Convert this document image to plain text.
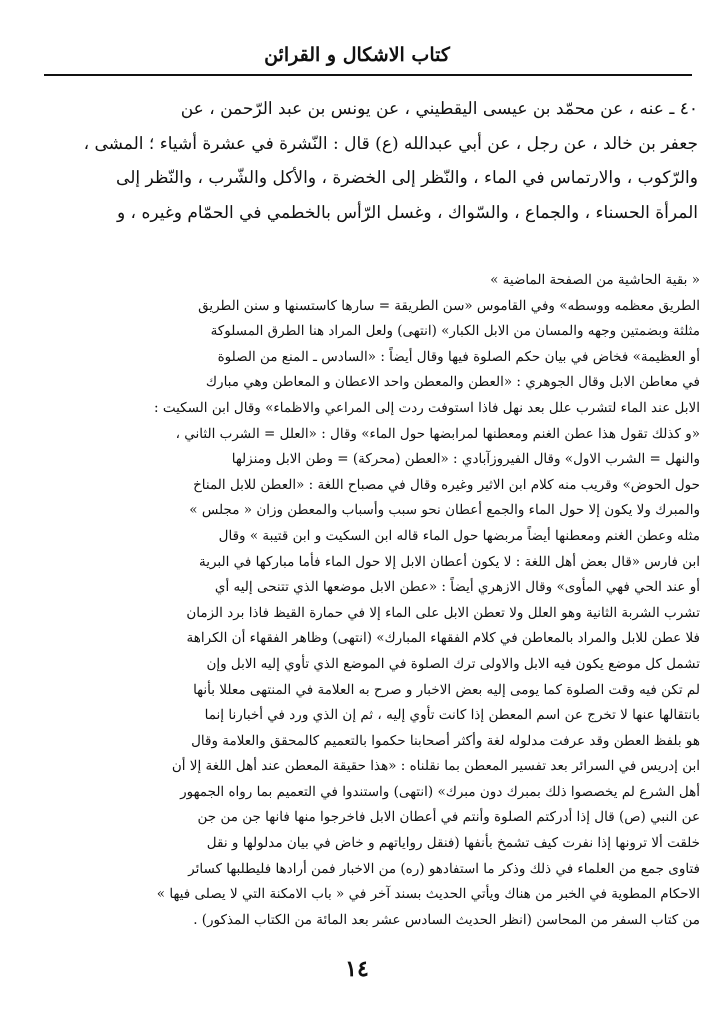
كتاب الاشكال و القرائن
٤٠ ـ عنه ، عن محمّد بن عيسى اليقطيني ، عن يونس بن عبد الرّحمن ، عن
جعفر بن خالد ، عن رجل ، عن أبي عبدالله (ع) قال : النّشرة في عشرة أشياء ؛ المشى ،
والرّكوب ، والارتماس في الماء ، والنّظر إلى الخضرة ، والأكل والشّرب ، والنّظر إلى
المرأة الحسناء ، والجماع ، والسّواك ، وغسل الرّأس بالخطمي في الحمّام وغيره ، و
« بقية الحاشية من الصفحة الماضية »
الطريق معظمه ووسطه» وفي القاموس «سن الطريقة = سارها كاستسنها و سنن الطريق
مثلثة وبضمتين وجهه والمسان من الابل الكبار» (انتهى) ولعل المراد هنا الطرق المسلوكة
أو العظيمة» فخاض في بيان حكم الصلوة فيها وقال أيضاً : «السادس ـ المنع من الصلوة
في معاطن الابل وقال الجوهري : «العطن والمعطن واحد الاعطان و المعاطن وهي مبارك
الابل عند الماء لتشرب علل بعد نهل فاذا استوفت ردت إلى المراعي والاظماء» وقال ابن السكيت :
«و كذلك تقول هذا عطن الغنم ومعطنها لمرابضها حول الماء» وقال : «العلل = الشرب الثاني ،
والنهل = الشرب الاول» وقال الفيروزآبادي : «العطن (محركة) = وطن الابل ومنزلها
حول الحوض» وقريب منه كلام ابن الاثير وغيره وقال في مصباح اللغة : «العطن للابل المناخ
والمبرك ولا يكون إلا حول الماء والجمع أعطان نحو سبب وأسباب والمعطن وزان « مجلس »
مثله وعطن الغنم ومعطنها أيضاً مربضها حول الماء قاله ابن السكيت و ابن قتيبة » وقال
ابن فارس «قال بعض أهل اللغة : لا يكون أعطان الابل إلا حول الماء فأما مباركها في البرية
أو عند الحي فهي المأوى» وقال الازهري أيضاً : «عطن الابل موضعها الذي تتنحى إليه أي
تشرب الشربة الثانية وهو العلل ولا تعطن الابل على الماء إلا في حمارة القيظ فاذا برد الزمان
فلا عطن للابل والمراد بالمعاطن في كلام الفقهاء المبارك» (انتهى) وظاهر الفقهاء أن الكراهة
تشمل كل موضع يكون فيه الابل والاولى ترك الصلوة في الموضع الذي تأوي إليه الابل وإن
لم تكن فيه وقت الصلوة كما يومى إليه بعض الاخبار و صرح به العلامة في المنتهى معللا بأنها
بانتقالها عنها لا تخرج عن اسم المعطن إذا كانت تأوي إليه ، ثم إن الذي ورد في أخبارنا إنما
هو بلفظ العطن وقد عرفت مدلوله لغة وأكثر أصحابنا حكموا بالتعميم كالمحقق والعلامة وقال
ابن إدريس في السرائر بعد تفسير المعطن بما نقلناه : «هذا حقيقة المعطن عند أهل اللغة إلا أن
أهل الشرع لم يخصصوا ذلك بمبرك دون مبرك» (انتهى) واستندوا في التعميم بما رواه الجمهور
عن النبي (ص) قال إذا أدركتم الصلوة وأنتم في أعطان الابل فاخرجوا منها فانها جن من جن
خلقت ألا ترونها إذا نفرت كيف تشمخ بأنفها (فنقل رواياتهم و خاض في بيان مدلولها و نقل
فتاوى جمع من العلماء في ذلك وذكر ما استفادهو (ره) من الاخبار فمن أرادها فليطلبها كسائر
الاحكام المطوية في الخبر من هناك ويأتي الحديث بسند آخر في « باب الامكنة التي لا يصلى فيها »
من كتاب السفر من المحاسن (انظر الحديث السادس عشر بعد المائة من الكتاب المذكور) .
١٤
